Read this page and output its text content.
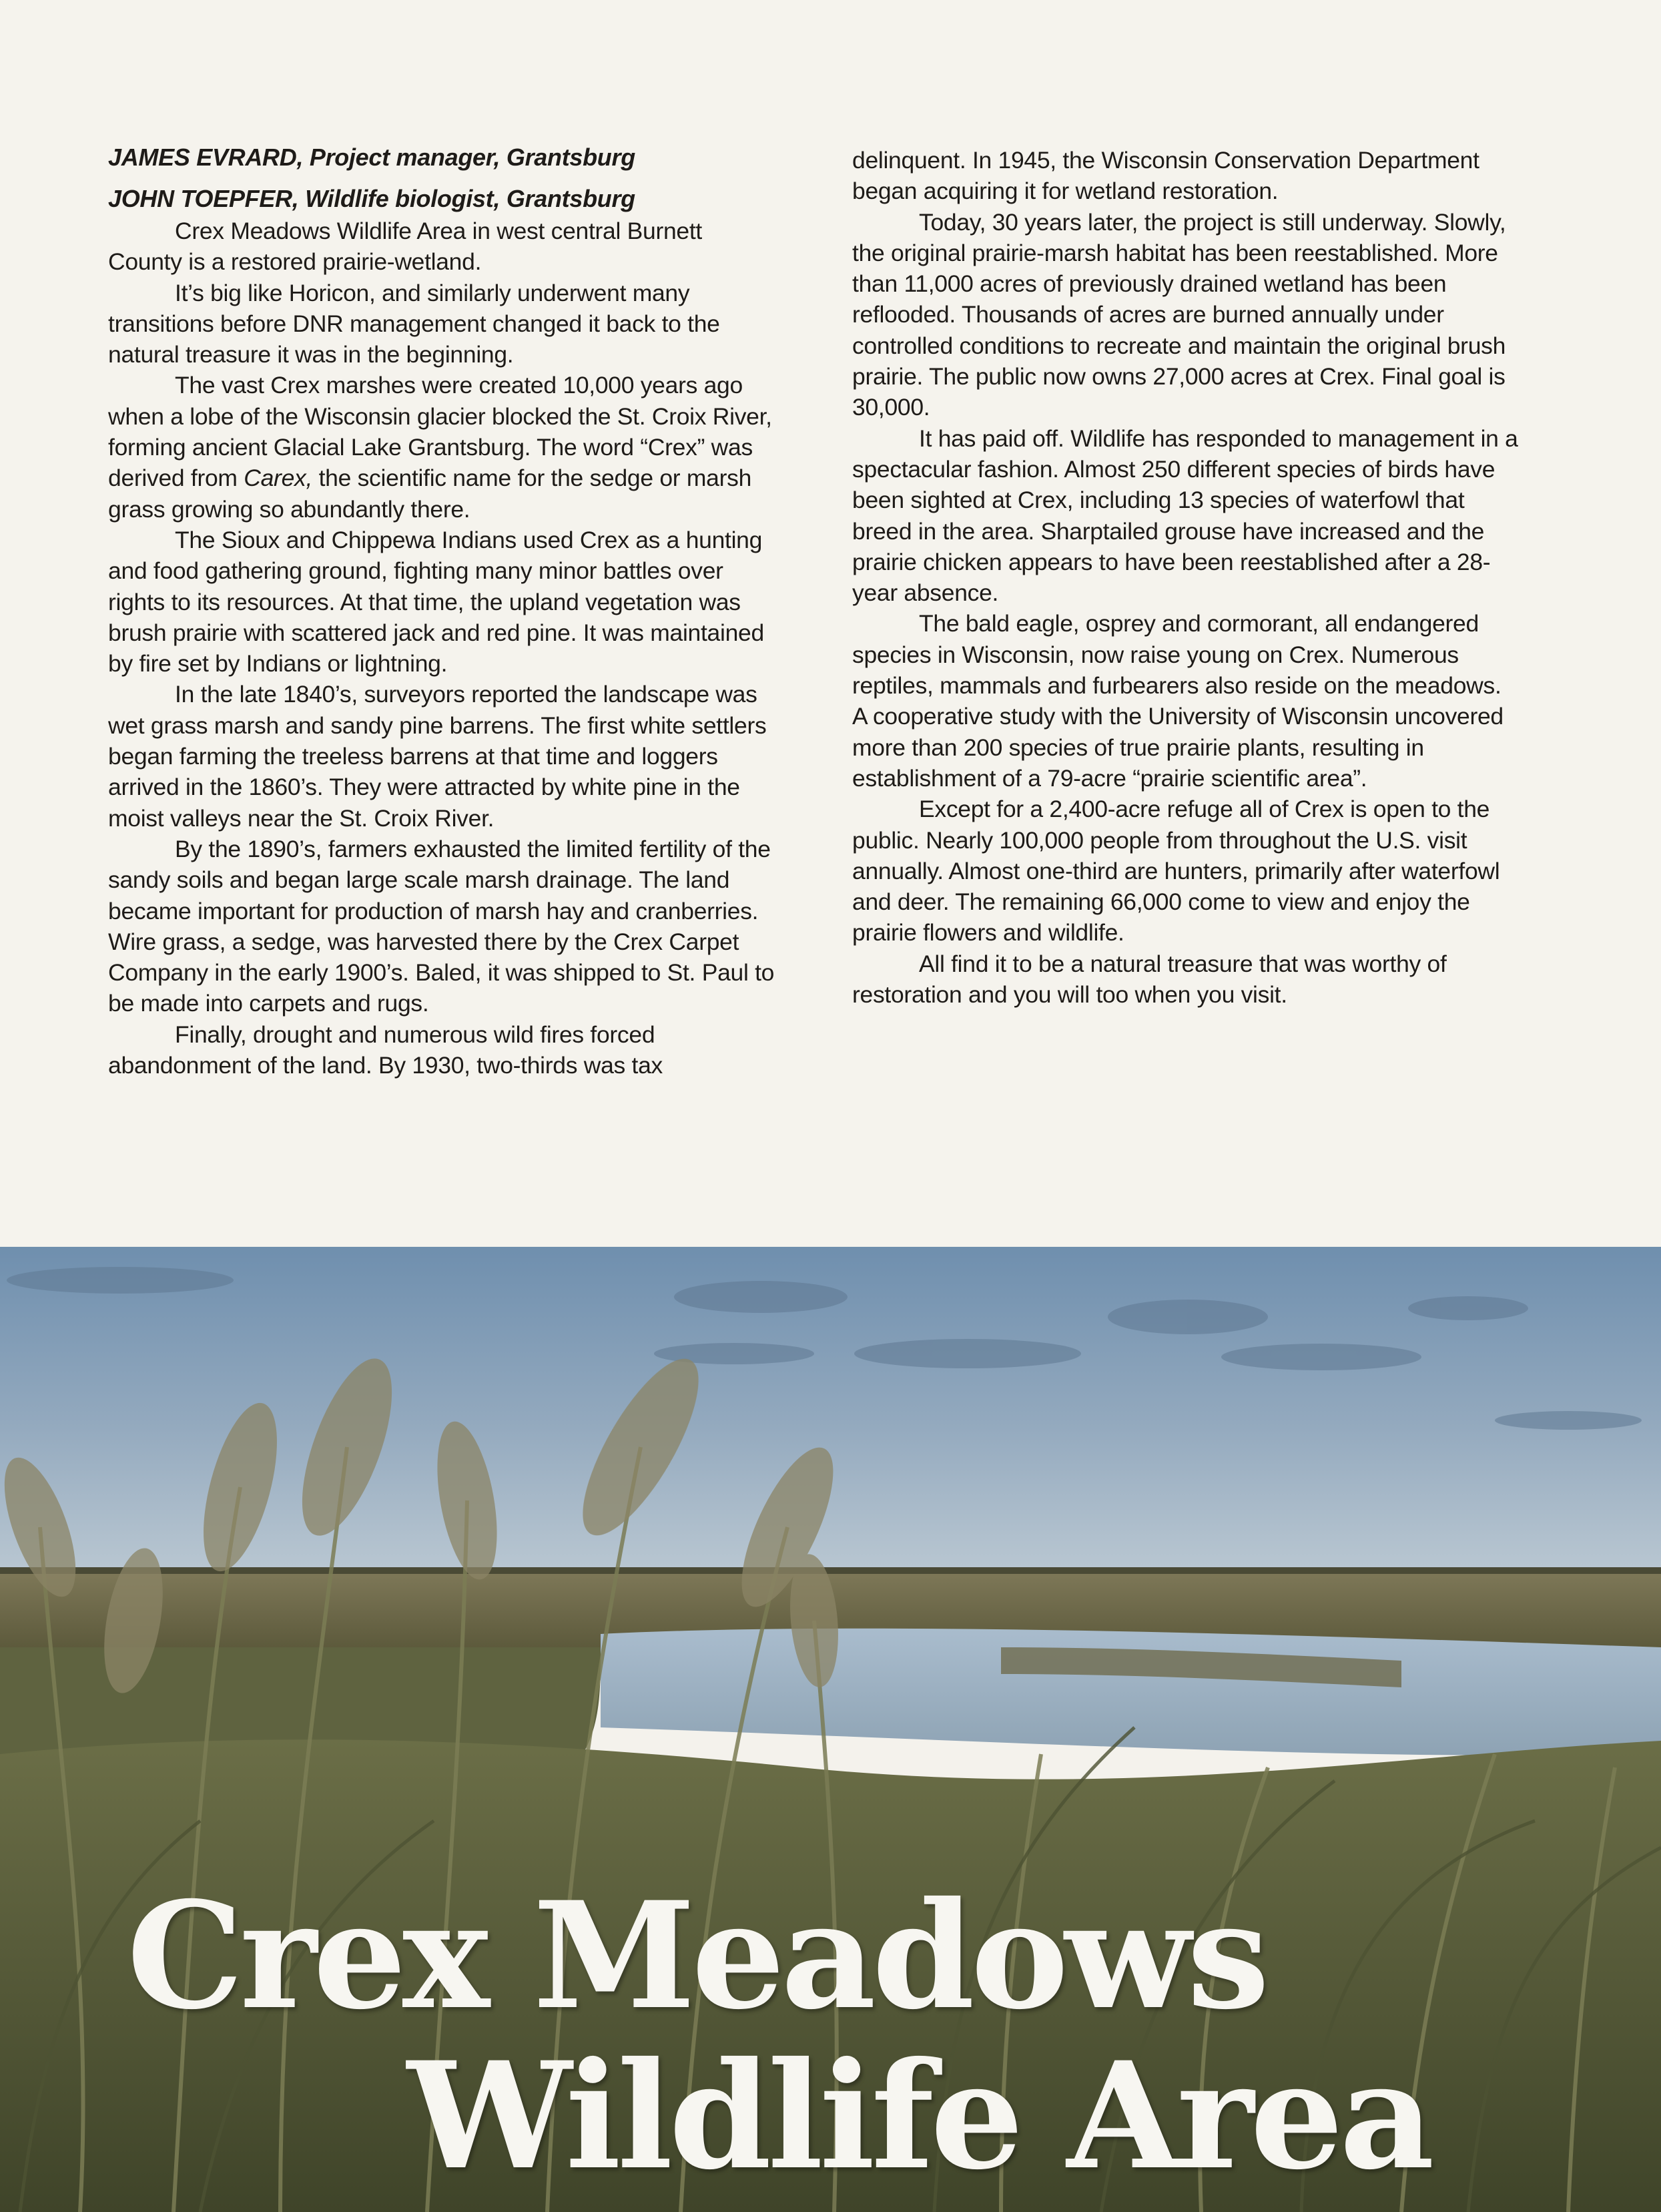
JAMES EVRARD, Project manager, Grantsburg

JOHN TOEPFER, Wildlife biologist, Grantsburg

Crex Meadows Wildlife Area in west central Burnett County is a restored prairie-wetland.

It’s big like Horicon, and similarly underwent many transitions before DNR management changed it back to the natural treasure it was in the beginning.

The vast Crex marshes were created 10,000 years ago when a lobe of the Wisconsin glacier blocked the St. Croix River, forming ancient Glacial Lake Grantsburg. The word “Crex” was derived from Carex, the scientific name for the sedge or marsh grass growing so abundantly there.

The Sioux and Chippewa Indians used Crex as a hunting and food gathering ground, fighting many minor battles over rights to its resources. At that time, the upland vegetation was brush prairie with scattered jack and red pine. It was maintained by fire set by Indians or lightning.

In the late 1840’s, surveyors reported the landscape was wet grass marsh and sandy pine barrens. The first white settlers began farming the treeless barrens at that time and loggers arrived in the 1860’s. They were attracted by white pine in the moist valleys near the St. Croix River.

By the 1890’s, farmers exhausted the limited fertility of the sandy soils and began large scale marsh drainage. The land became important for production of marsh hay and cranberries. Wire grass, a sedge, was harvested there by the Crex Carpet Company in the early 1900’s. Baled, it was shipped to St. Paul to be made into carpets and rugs.

Finally, drought and numerous wild fires forced abandonment of the land. By 1930, two-thirds was tax

delinquent. In 1945, the Wisconsin Conservation Department began acquiring it for wetland restoration.

Today, 30 years later, the project is still underway. Slowly, the original prairie-marsh habitat has been reestablished. More than 11,000 acres of previously drained wetland has been reflooded. Thousands of acres are burned annually under controlled conditions to recreate and maintain the original brush prairie. The public now owns 27,000 acres at Crex. Final goal is 30,000.

It has paid off. Wildlife has responded to management in a spectacular fashion. Almost 250 different species of birds have been sighted at Crex, including 13 species of waterfowl that breed in the area. Sharptailed grouse have increased and the prairie chicken appears to have been reestablished after a 28-year absence.

The bald eagle, osprey and cormorant, all endangered species in Wisconsin, now raise young on Crex. Numerous reptiles, mammals and furbearers also reside on the meadows. A cooperative study with the University of Wisconsin uncovered more than 200 species of true prairie plants, resulting in establishment of a 79-acre “prairie scientific area”.

Except for a 2,400-acre refuge all of Crex is open to the public. Nearly 100,000 people from throughout the U.S. visit annually. Almost one-third are hunters, primarily after waterfowl and deer. The remaining 66,000 come to view and enjoy the prairie flowers and wildlife.

All find it to be a natural treasure that was worthy of restoration and you will too when you visit.

Crex Meadows
Wildlife Area
